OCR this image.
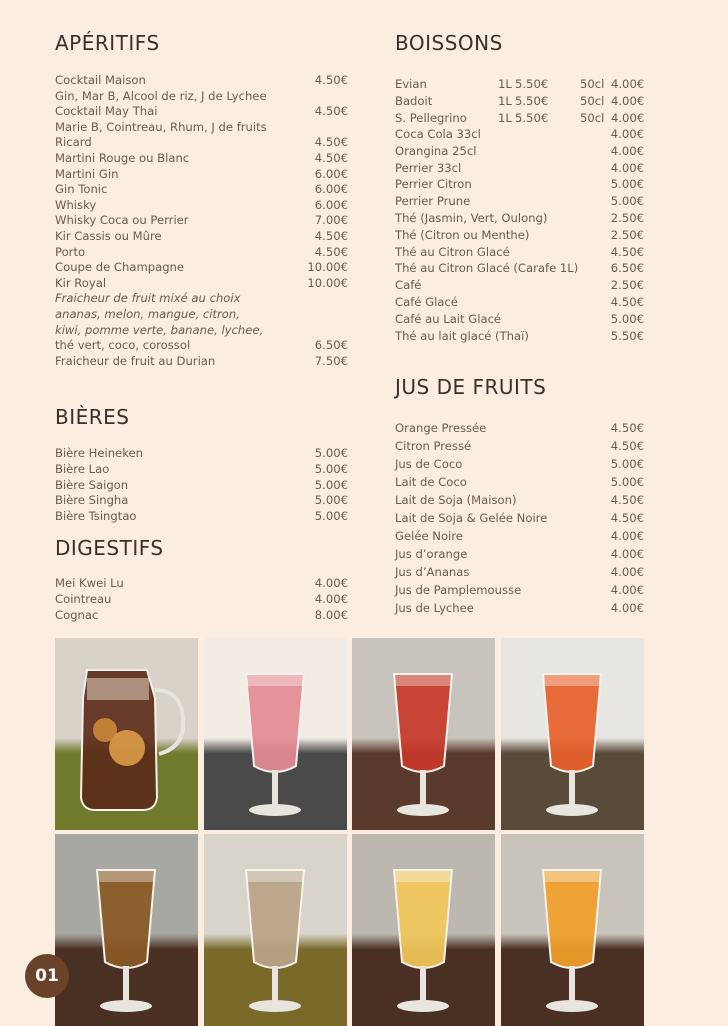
APÉRITIFS
Cocktail Maison	4.50€
Gin, Mar B, Alcool de riz, J de Lychee
Cocktail May Thai	4.50€
Marie B, Cointreau, Rhum, J de fruits
Ricard	4.50€
Martini Rouge ou Blanc	4.50€
Martini Gin	6.00€
Gin Tonic	6.00€
Whisky	6.00€
Whisky Coca ou Perrier	7.00€
Kir Cassis ou Mûre	4.50€
Porto	4.50€
Coupe de Champagne	10.00€
Kir Royal	10.00€
Fraicheur de fruit mixé au choix
ananas, melon, mangue, citron,
kiwi, pomme verte, banane, lychee,
thé vert, coco, corossol	6.50€
Fraicheur de fruit au Durian	7.50€
BIÈRES
Bière Heineken	5.00€
Bière Lao	5.00€
Bière Saigon	5.00€
Bière Singha	5.00€
Bière Tsingtao	5.00€
DIGESTIFS
Mei Kwei Lu	4.00€
Cointreau	4.00€
Cognac	8.00€
BOISSONS
Evian	1L 5.50€	50cl 4.00€
Badoit	1L 5.50€	50cl 4.00€
S. Pellegrino	1L 5.50€	50cl 4.00€
Coca Cola 33cl	4.00€
Orangina 25cl	4.00€
Perrier 33cl	4.00€
Perrier Citron	5.00€
Perrier Prune	5.00€
Thé (Jasmin, Vert, Oulong)	2.50€
Thé (Citron ou Menthe)	2.50€
Thé au Citron Glacé	4.50€
Thé au Citron Glacé (Carafe 1L)	6.50€
Café	2.50€
Café Glacé	4.50€
Café au Lait Glacé	5.00€
Thé au lait glacé (Thaï)	5.50€
JUS DE FRUITS
Orange Pressée	4.50€
Citron Pressé	4.50€
Jus de Coco	5.00€
Lait de Coco	5.00€
Lait de Soja (Maison)	4.50€
Lait de Soja & Gelée Noire	4.50€
Gelée Noire	4.00€
Jus d’orange	4.00€
Jus d’Ananas	4.00€
Jus de Pamplemousse	4.00€
Jus de Lychee	4.00€
01
